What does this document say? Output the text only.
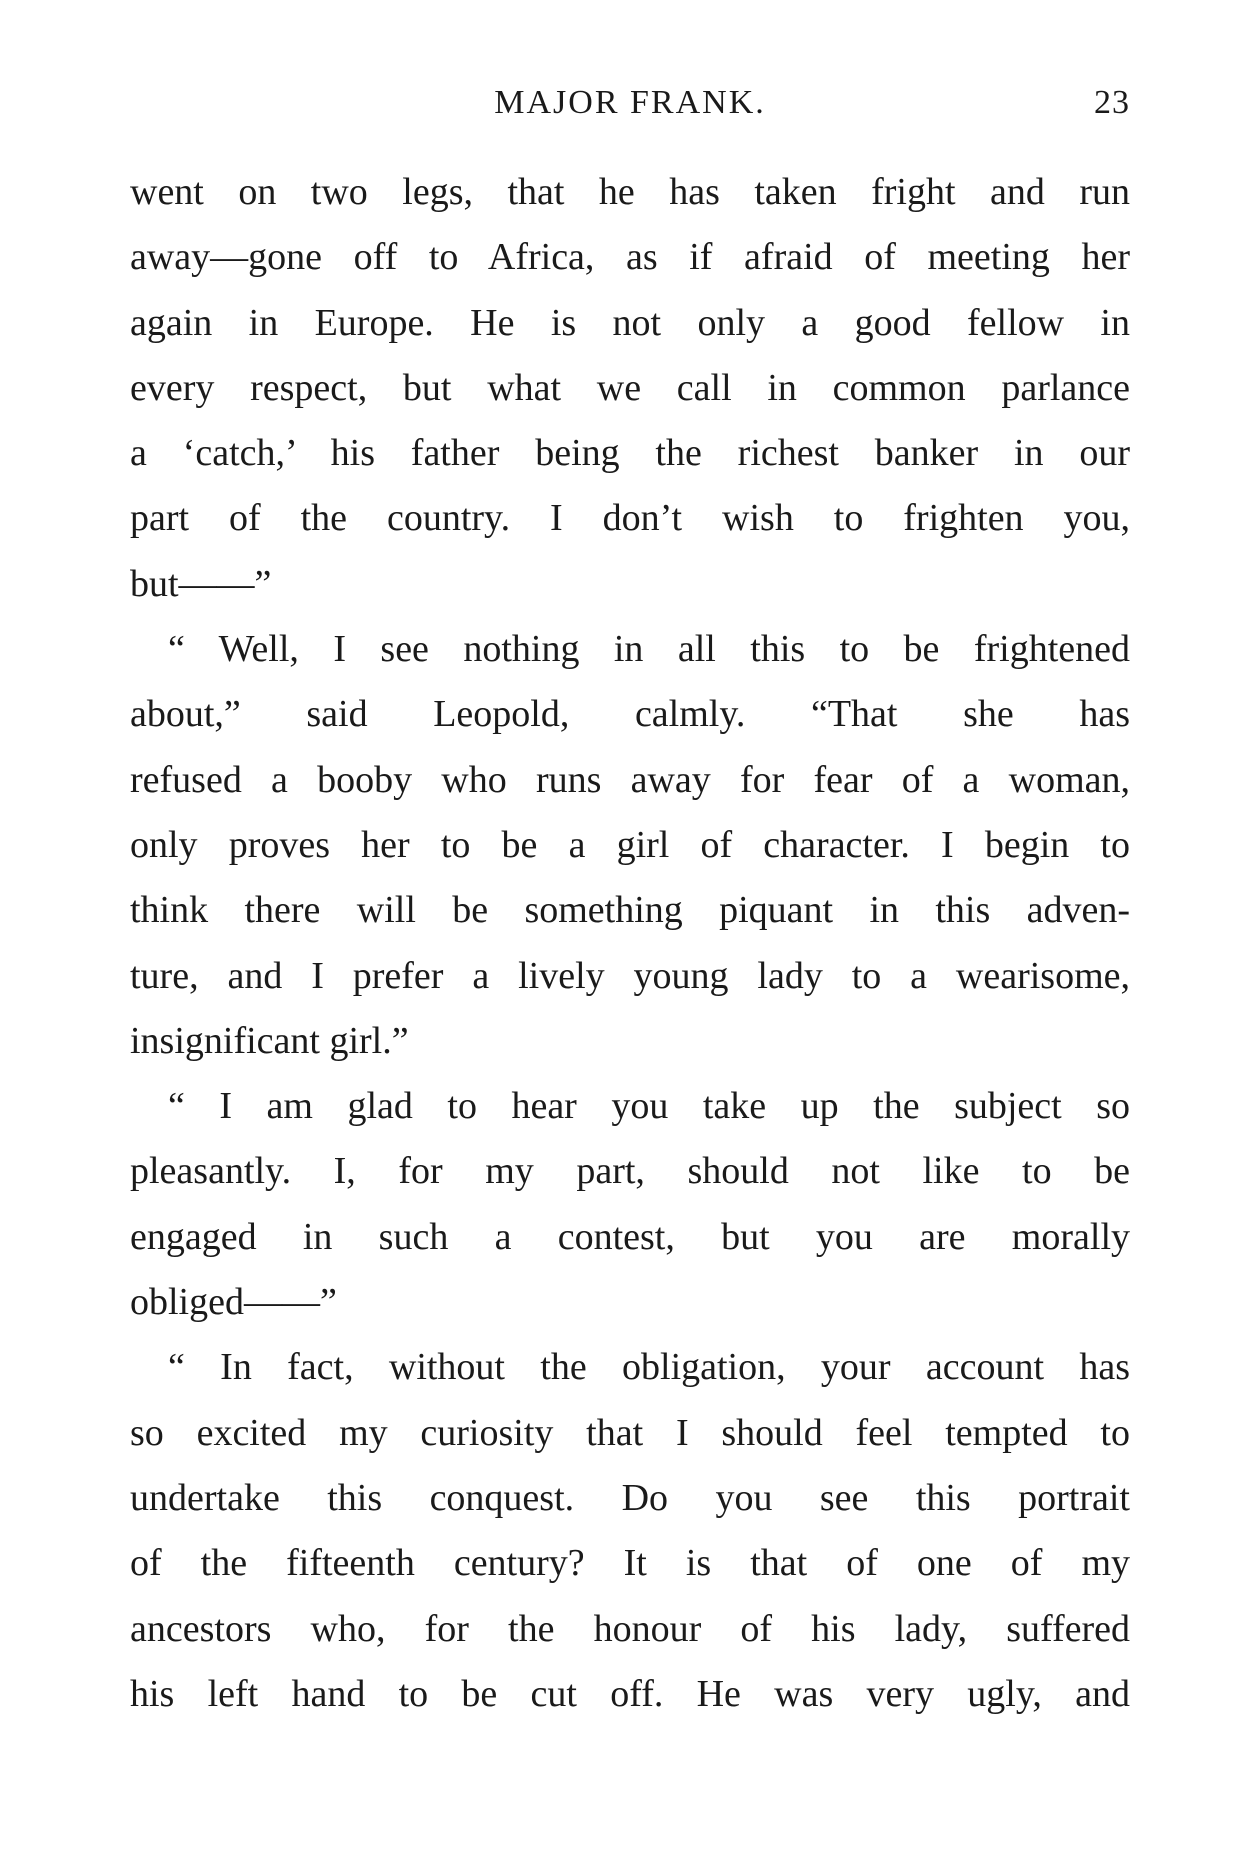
MAJOR FRANK.	23
went on two legs, that he has taken fright and run
away—gone off to Africa, as if afraid of meeting her
again in Europe. He is not only a good fellow in
every respect, but what we call in common parlance
a ‘catch,’ his father being the richest banker in our
part of the country. I don’t wish to frighten you,
but——”
“ Well, I see nothing in all this to be frightened
about,” said Leopold, calmly. “That she has
refused a booby who runs away for fear of a woman,
only proves her to be a girl of character. I begin to
think there will be something piquant in this adven-
ture, and I prefer a lively young lady to a wearisome,
insignificant girl.”
“ I am glad to hear you take up the subject so
pleasantly. I, for my part, should not like to be
engaged in such a contest, but you are morally
obliged——”
“ In fact, without the obligation, your account has
so excited my curiosity that I should feel tempted to
undertake this conquest. Do you see this portrait
of the fifteenth century? It is that of one of my
ancestors who, for the honour of his lady, suffered
his left hand to be cut off. He was very ugly, and
